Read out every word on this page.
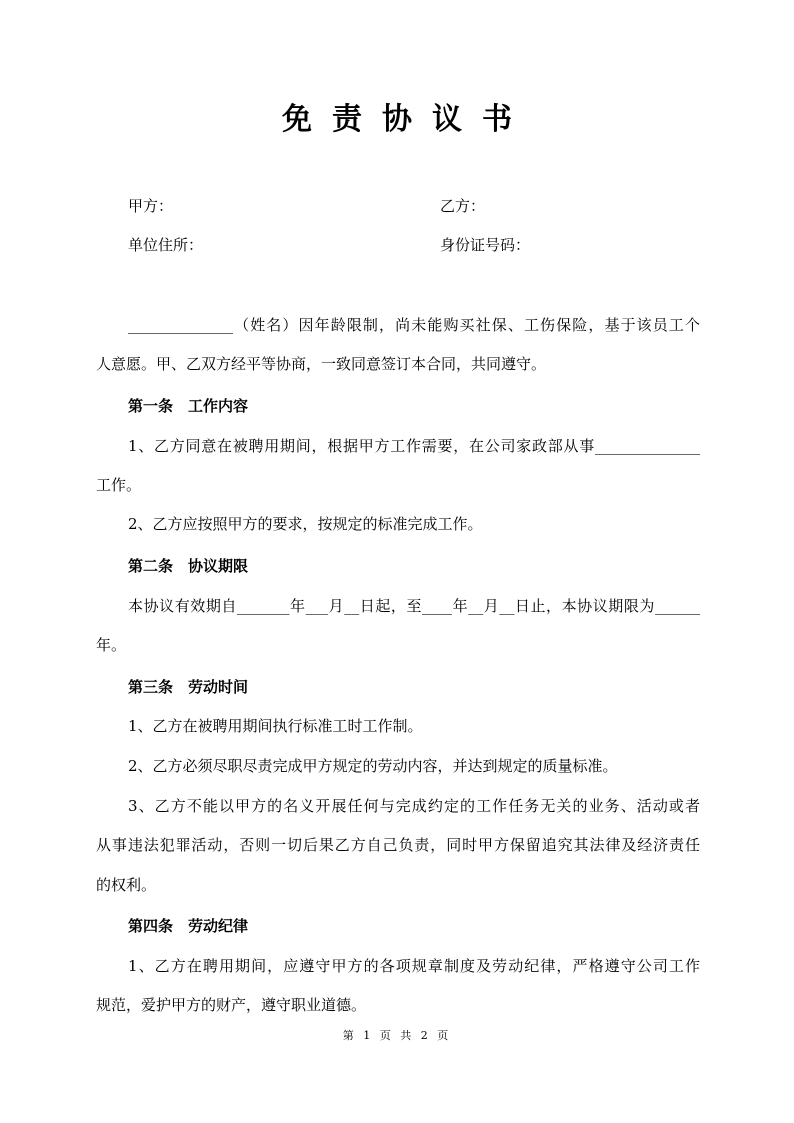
免责协议书
甲方：	乙方：
单位住所：	身份证号码：
______________（姓名）因年龄限制，尚未能购买社保、工伤保险，基于该员工个
人意愿。甲、乙双方经平等协商，一致同意签订本合同，共同遵守。
第一条　工作内容
1、乙方同意在被聘用期间，根据甲方工作需要，在公司家政部从事______________
工作。
2、乙方应按照甲方的要求，按规定的标准完成工作。
第二条　协议期限
本协议有效期自_______年___月__日起，至____年__月__日止，本协议期限为______
年。
第三条　劳动时间
1、乙方在被聘用期间执行标准工时工作制。
2、乙方必须尽职尽责完成甲方规定的劳动内容，并达到规定的质量标准。
3、乙方不能以甲方的名义开展任何与完成约定的工作任务无关的业务、活动或者
从事违法犯罪活动，否则一切后果乙方自己负责，同时甲方保留追究其法律及经济责任
的权利。
第四条　劳动纪律
1、乙方在聘用期间，应遵守甲方的各项规章制度及劳动纪律，严格遵守公司工作
规范，爱护甲方的财产，遵守职业道德。
第 1 页 共 2 页
